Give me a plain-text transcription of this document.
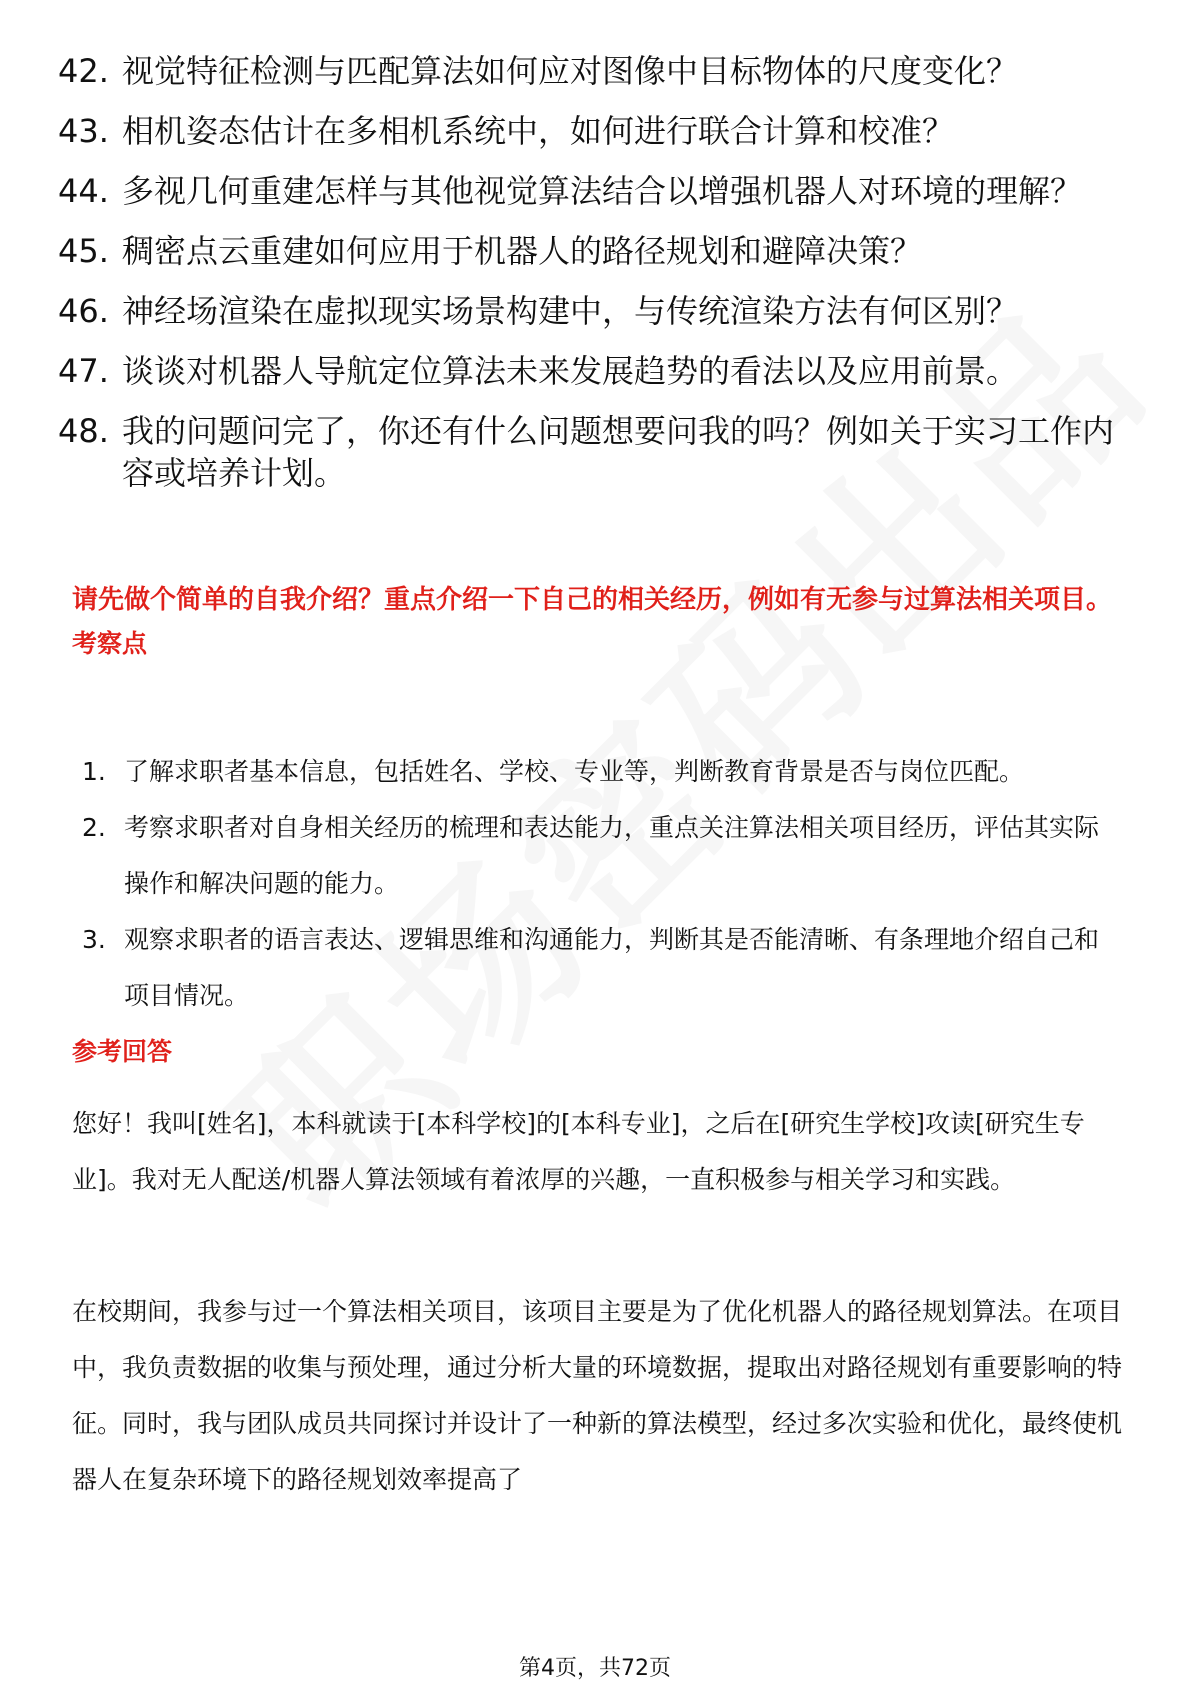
42. 视觉特征检测与匹配算法如何应对图像中目标物体的尺度变化？
43. 相机姿态估计在多相机系统中，如何进行联合计算和校准？
44. 多视几何重建怎样与其他视觉算法结合以增强机器人对环境的理解？
45. 稠密点云重建如何应用于机器人的路径规划和避障决策？
46. 神经场渲染在虚拟现实场景构建中，与传统渲染方法有何区别？
47. 谈谈对机器人导航定位算法未来发展趋势的看法以及应用前景。
48. 我的问题问完了，你还有什么问题想要问我的吗？例如关于实习工作内容或培养计划。

请先做个简单的自我介绍？重点介绍一下自己的相关经历，例如有无参与过算法相关项目。

考察点
1. 了解求职者基本信息，包括姓名、学校、专业等，判断教育背景是否与岗位匹配。
2. 考察求职者对自身相关经历的梳理和表达能力，重点关注算法相关项目经历，评估其实际操作和解决问题的能力。
3. 观察求职者的语言表达、逻辑思维和沟通能力，判断其是否能清晰、有条理地介绍自己和项目情况。
参考回答

您好！我叫[姓名]，本科就读于[本科学校]的[本科专业]，之后在[研究生学校]攻读[研究生专业]。我对无人配送/机器人算法领域有着浓厚的兴趣，一直积极参与相关学习和实践。

在校期间，我参与过一个算法相关项目，该项目主要是为了优化机器人的路径规划算法。在项目中，我负责数据的收集与预处理，通过分析大量的环境数据，提取出对路径规划有重要影响的特征。同时，我与团队成员共同探讨并设计了一种新的算法模型，经过多次实验和优化，最终使机器人在复杂环境下的路径规划效率提高了

第4页，共72页
